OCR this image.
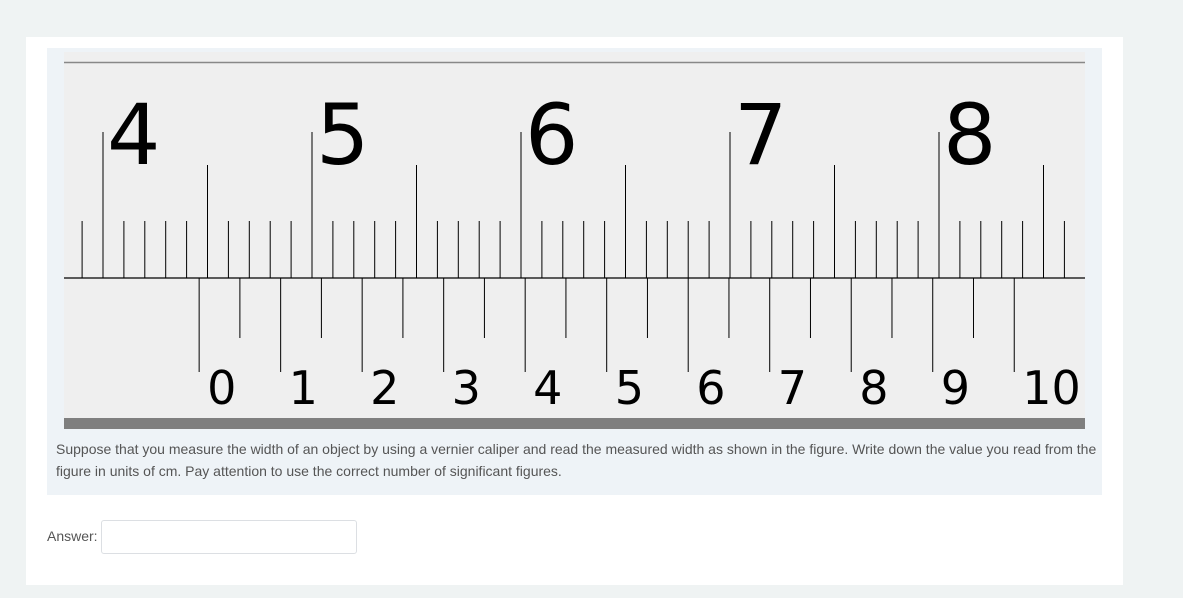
4 5 6 7 8
0 1 2 3 4 5 6 7 8 9 10

Suppose that you measure the width of an object by using a vernier caliper and read the measured width as shown in the figure. Write down the value you read from the figure in units of cm. Pay attention to use the correct number of significant figures.

Answer:
